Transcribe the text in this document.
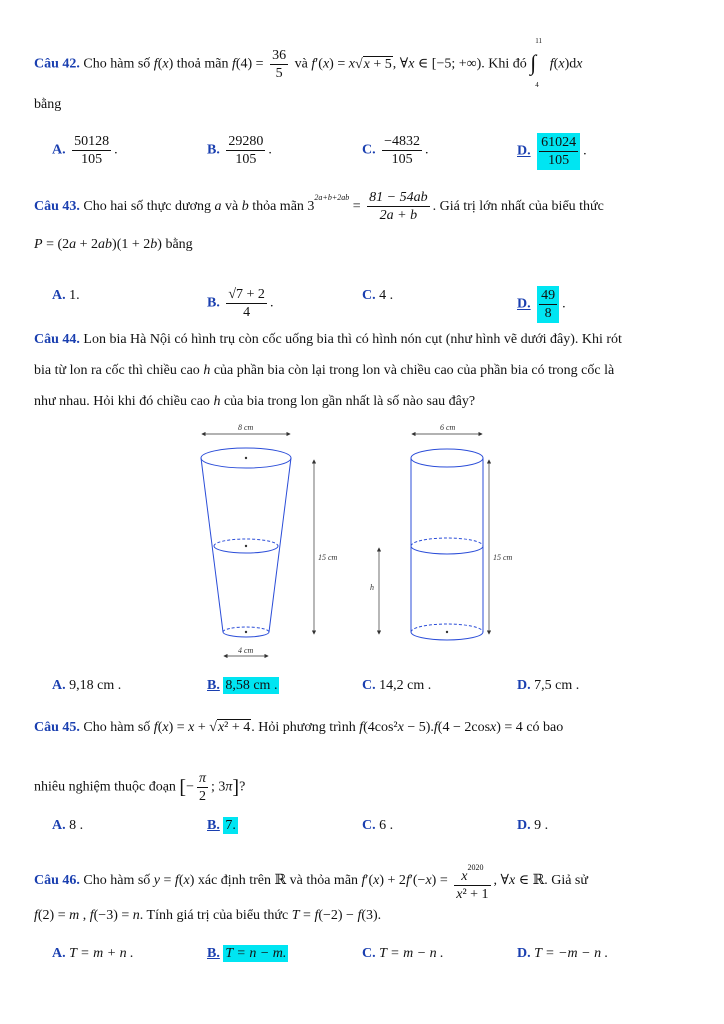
Câu 42. Cho hàm số f(x) thoả mãn $f(4) = \frac{36}{5}$ và f′(x) = x√x + 5, ∀x ∈ [−5; +∞). Khi đó
11
∫
4
f(x)dx
bằng
A. $\frac{50128}{105}$ .	B. $\frac{29280}{105}$ .	C. $\frac{-4832}{105}$ .	D. $\frac{61024}{105}$ .
Câu 43. Cho hai số thực dương a và b thỏa mãn $3^{2a+b+2ab} = \frac{81 - 54ab}{2a + b}$ . Giá trị lớn nhất của biểu thức
P = (2a + 2ab)(1 + 2b) bằng
A. 1.
B. $\frac{√7 + 2}{4}$ .
C. 4 .
D. $\frac{49}{8}$ .
Câu 44. Lon bia Hà Nội có hình trụ còn cốc uống bia thì có hình nón cụt (như hình vẽ dưới đây). Khi rót
bia từ lon ra cốc thì chiều cao h của phần bia còn lại trong lon và chiều cao của phần bia có trong cốc là
như nhau. Hỏi khi đó chiều cao h của bia trong lon gần nhất là số nào sau đây?
8 cm
4 cm
15 cm
6 cm
15 cm
h
A. 9,18 cm .	B. 8,58 cm .	C. 14,2 cm .	D. 7,5 cm .
Câu 45. Cho hàm số f(x) = x + √x² + 4. Hỏi phương trình f(4cos²x − 5).f(4 − 2cosx) = 4 có bao
nhiêu nghiệm thuộc đoạn [− $\frac{\pi}{2}$ ; 3π]?
A. 8 .	B. 7.	C. 6 .	D. 9 .
Câu 46. Cho hàm số y = f(x) xác định trên ℝ và thỏa mãn $f'(x) + 2f'(-x) = \frac{x^{2020}}{\text{x² + 1}}$ , ∀x ∈ ℝ. Giả sử
f(2) = m , f(−3) = n. Tính giá trị của biểu thức T = f(−2) − f(3).
A. T = m + n .	B. T = n − m.	C. T = m − n .	D. T = −m − n .
